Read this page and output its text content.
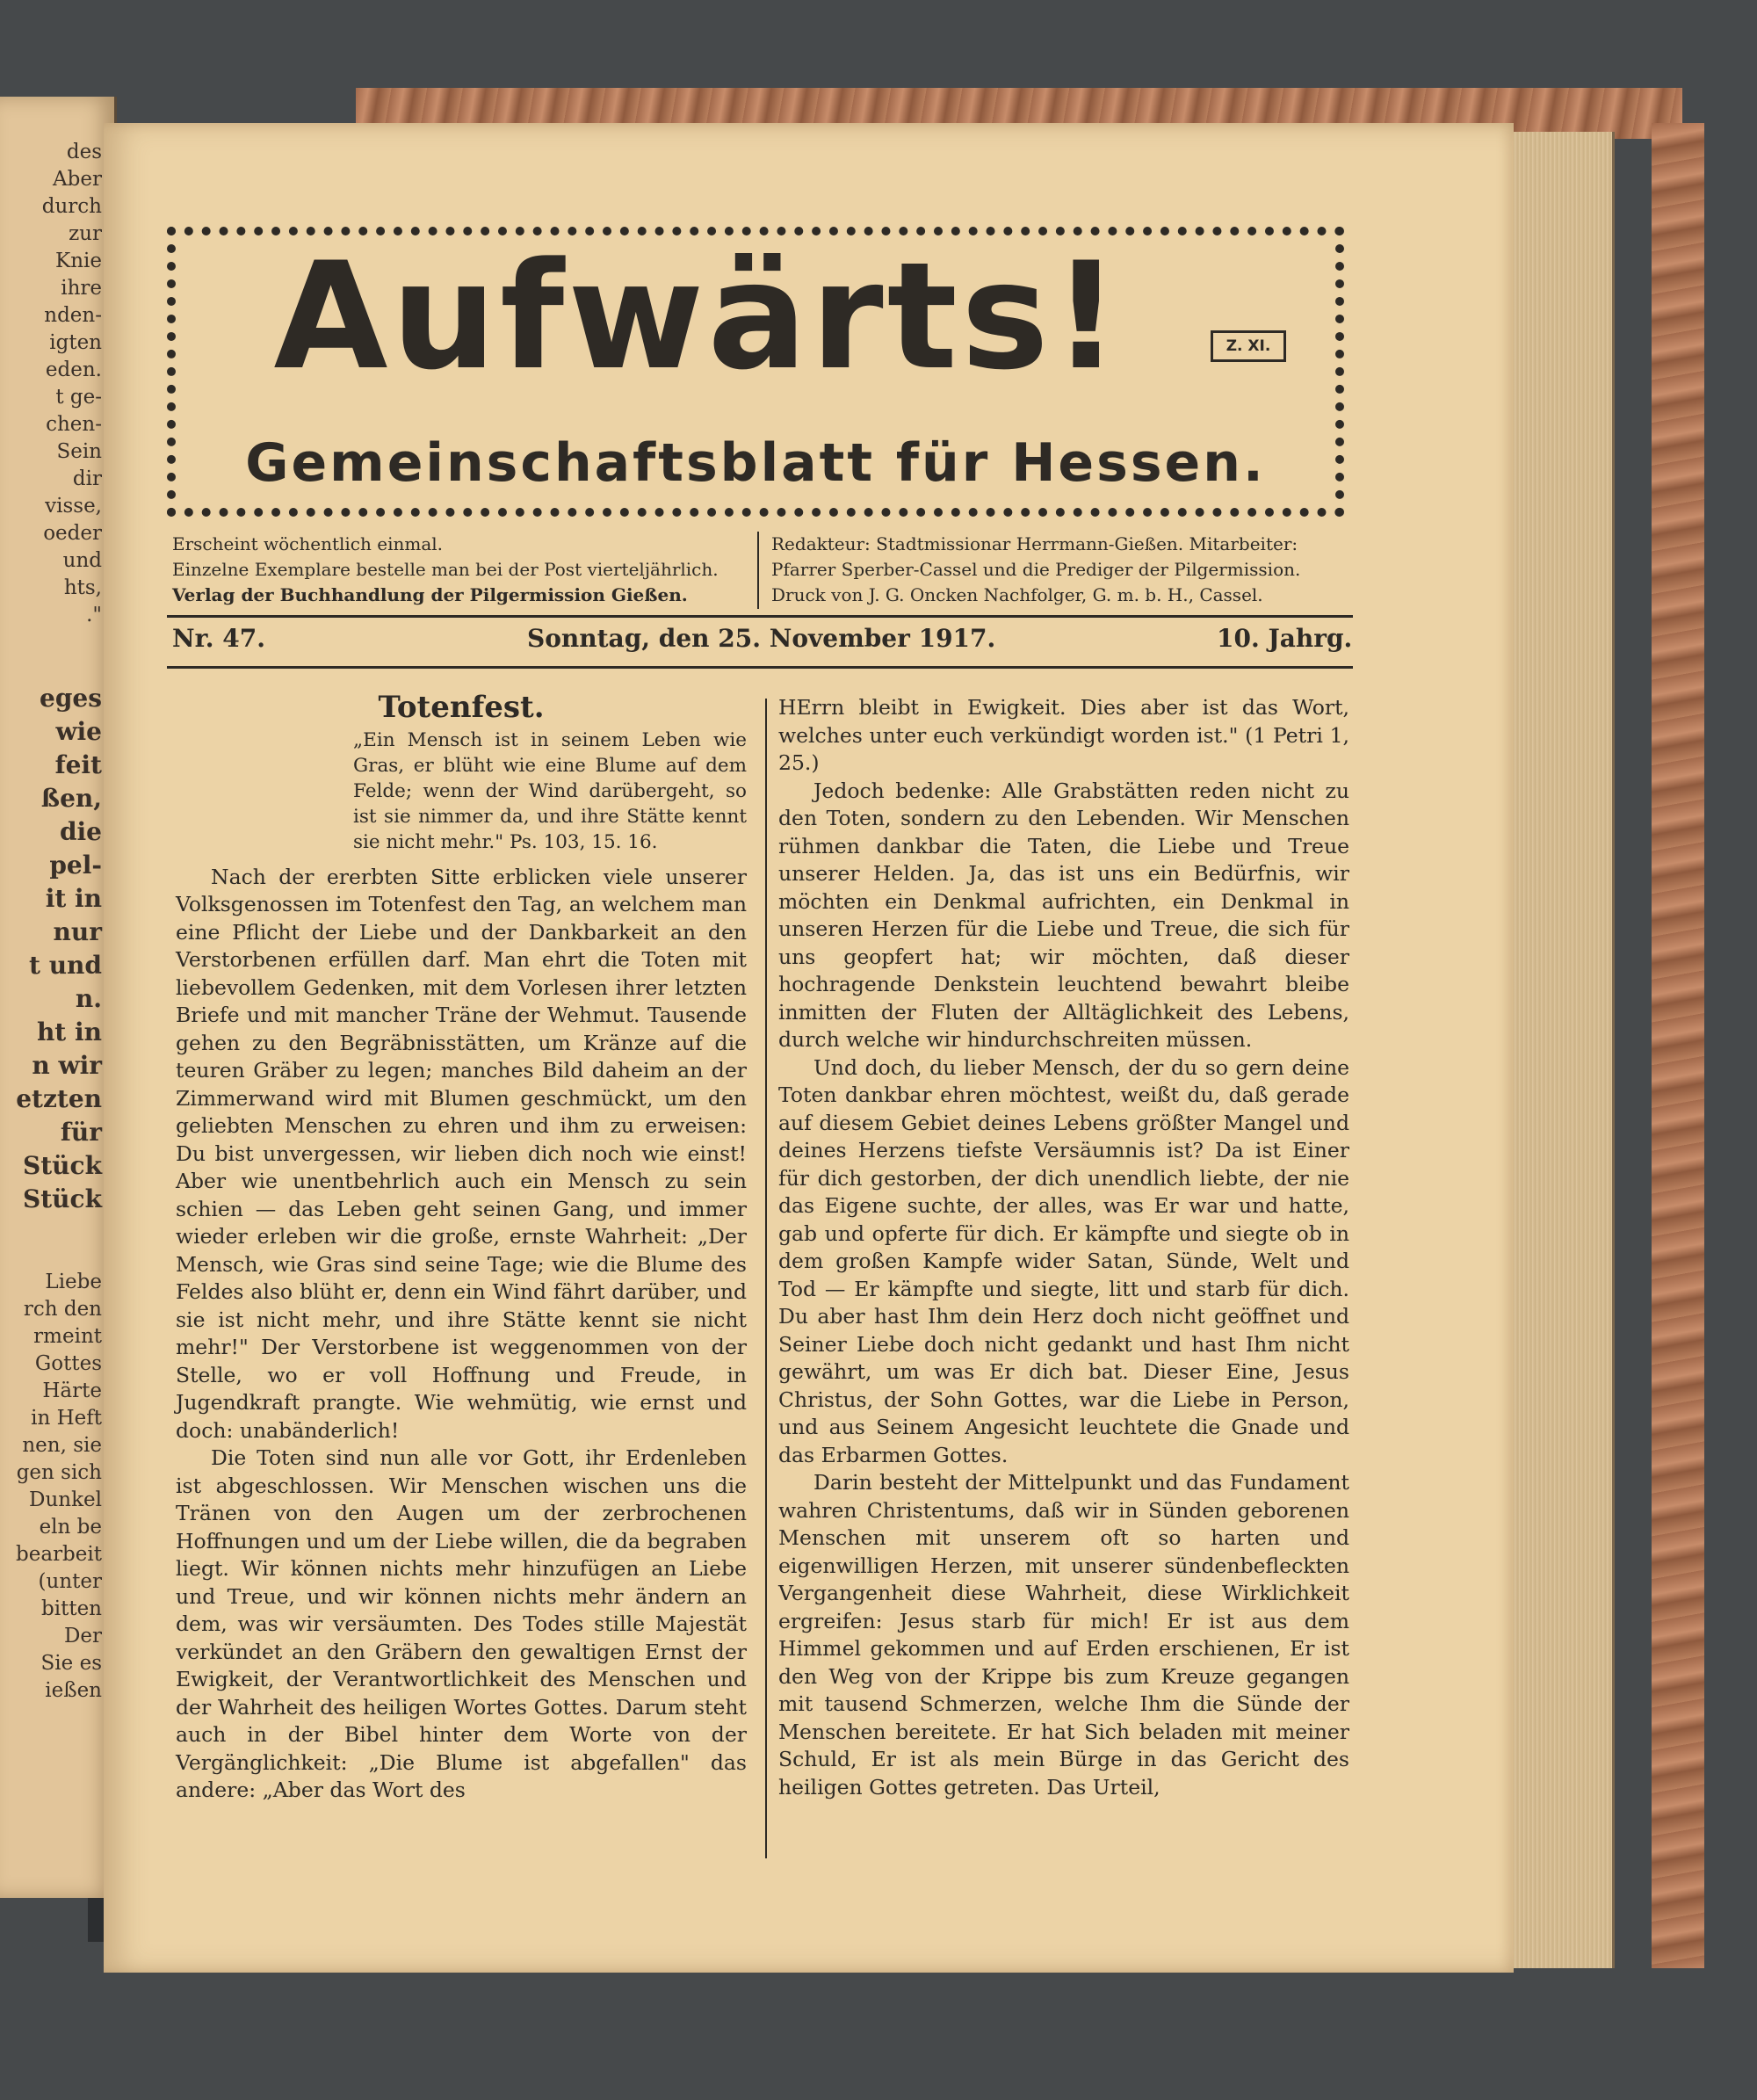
des
Aber
durch
zur
Knie
ihre
nden-
igten
eden.
t ge-
chen-
Sein
dir
visse,
oeder
und
hts,
."
eges
wie
feit
ßen,
die
pel-
it in
nur
t und
n.
ht in
n wir
etzten
für
Stück
Stück
Liebe
rch den
rmeint
Gottes
Härte
in Heft
nen, sie
gen sich
Dunkel
eln be
bearbeit
(unter
bitten
Der
Sie es
ießen
Aufwärts!	Z. XI.
Gemeinschaftsblatt für Hessen.
Erscheint wöchentlich einmal.
Einzelne Exemplare bestelle man bei der Post vierteljährlich.
Verlag der Buchhandlung der Pilgermission Gießen.
Redakteur: Stadtmissionar Herrmann-Gießen. Mitarbeiter:
Pfarrer Sperber-Cassel und die Prediger der Pilgermission.
Druck von J. G. Oncken Nachfolger, G. m. b. H., Cassel.
Nr. 47.	Sonntag, den 25. November 1917.	10. Jahrg.
Totenfest.
„Ein Mensch ist in seinem Leben wie Gras, er blüht wie eine Blume auf dem Felde; wenn der Wind darübergeht, so ist sie nimmer da, und ihre Stätte kennt sie nicht mehr." Ps. 103, 15. 16.

Nach der ererbten Sitte erblicken viele unserer Volksgenossen im Totenfest den Tag, an welchem man eine Pflicht der Liebe und der Dankbarkeit an den Verstorbenen erfüllen darf. Man ehrt die Toten mit liebevollem Gedenken, mit dem Vorlesen ihrer letzten Briefe und mit mancher Träne der Wehmut. Tausende gehen zu den Begräbnisstätten, um Kränze auf die teuren Gräber zu legen; manches Bild daheim an der Zimmerwand wird mit Blumen geschmückt, um den geliebten Menschen zu ehren und ihm zu erweisen: Du bist unvergessen, wir lieben dich noch wie einst! Aber wie unentbehrlich auch ein Mensch zu sein schien — das Leben geht seinen Gang, und immer wieder erleben wir die große, ernste Wahrheit: „Der Mensch, wie Gras sind seine Tage; wie die Blume des Feldes also blüht er, denn ein Wind fährt darüber, und sie ist nicht mehr, und ihre Stätte kennt sie nicht mehr!" Der Verstorbene ist weggenommen von der Stelle, wo er voll Hoffnung und Freude, in Jugendkraft prangte. Wie wehmütig, wie ernst und doch: unabänderlich!

Die Toten sind nun alle vor Gott, ihr Erdenleben ist abgeschlossen. Wir Menschen wischen uns die Tränen von den Augen um der zerbrochenen Hoffnungen und um der Liebe willen, die da begraben liegt. Wir können nichts mehr hinzufügen an Liebe und Treue, und wir können nichts mehr ändern an dem, was wir versäumten. Des Todes stille Majestät verkündet an den Gräbern den gewaltigen Ernst der Ewigkeit, der Verantwortlichkeit des Menschen und der Wahrheit des heiligen Wortes Gottes. Darum steht auch in der Bibel hinter dem Worte von der Vergänglichkeit: „Die Blume ist abgefallen" das andere: „Aber das Wort des

HErrn bleibt in Ewigkeit. Dies aber ist das Wort, welches unter euch verkündigt worden ist." (1 Petri 1, 25.)

Jedoch bedenke: Alle Grabstätten reden nicht zu den Toten, sondern zu den Lebenden. Wir Menschen rühmen dankbar die Taten, die Liebe und Treue unserer Helden. Ja, das ist uns ein Bedürfnis, wir möchten ein Denkmal aufrichten, ein Denkmal in unseren Herzen für die Liebe und Treue, die sich für uns geopfert hat; wir möchten, daß dieser hochragende Denkstein leuchtend bewahrt bleibe inmitten der Fluten der Alltäglichkeit des Lebens, durch welche wir hindurchschreiten müssen.

Und doch, du lieber Mensch, der du so gern deine Toten dankbar ehren möchtest, weißt du, daß gerade auf diesem Gebiet deines Lebens größter Mangel und deines Herzens tiefste Versäumnis ist? Da ist Einer für dich gestorben, der dich unendlich liebte, der nie das Eigene suchte, der alles, was Er war und hatte, gab und opferte für dich. Er kämpfte und siegte ob in dem großen Kampfe wider Satan, Sünde, Welt und Tod — Er kämpfte und siegte, litt und starb für dich. Du aber hast Ihm dein Herz doch nicht geöffnet und Seiner Liebe doch nicht gedankt und hast Ihm nicht gewährt, um was Er dich bat. Dieser Eine, Jesus Christus, der Sohn Gottes, war die Liebe in Person, und aus Seinem Angesicht leuchtete die Gnade und das Erbarmen Gottes.

Darin besteht der Mittelpunkt und das Fundament wahren Christentums, daß wir in Sünden geborenen Menschen mit unserem oft so harten und eigenwilligen Herzen, mit unserer sündenbefleckten Vergangenheit diese Wahrheit, diese Wirklichkeit ergreifen: Jesus starb für mich! Er ist aus dem Himmel gekommen und auf Erden erschienen, Er ist den Weg von der Krippe bis zum Kreuze gegangen mit tausend Schmerzen, welche Ihm die Sünde der Menschen bereitete. Er hat Sich beladen mit meiner Schuld, Er ist als mein Bürge in das Gericht des heiligen Gottes getreten. Das Urteil,
